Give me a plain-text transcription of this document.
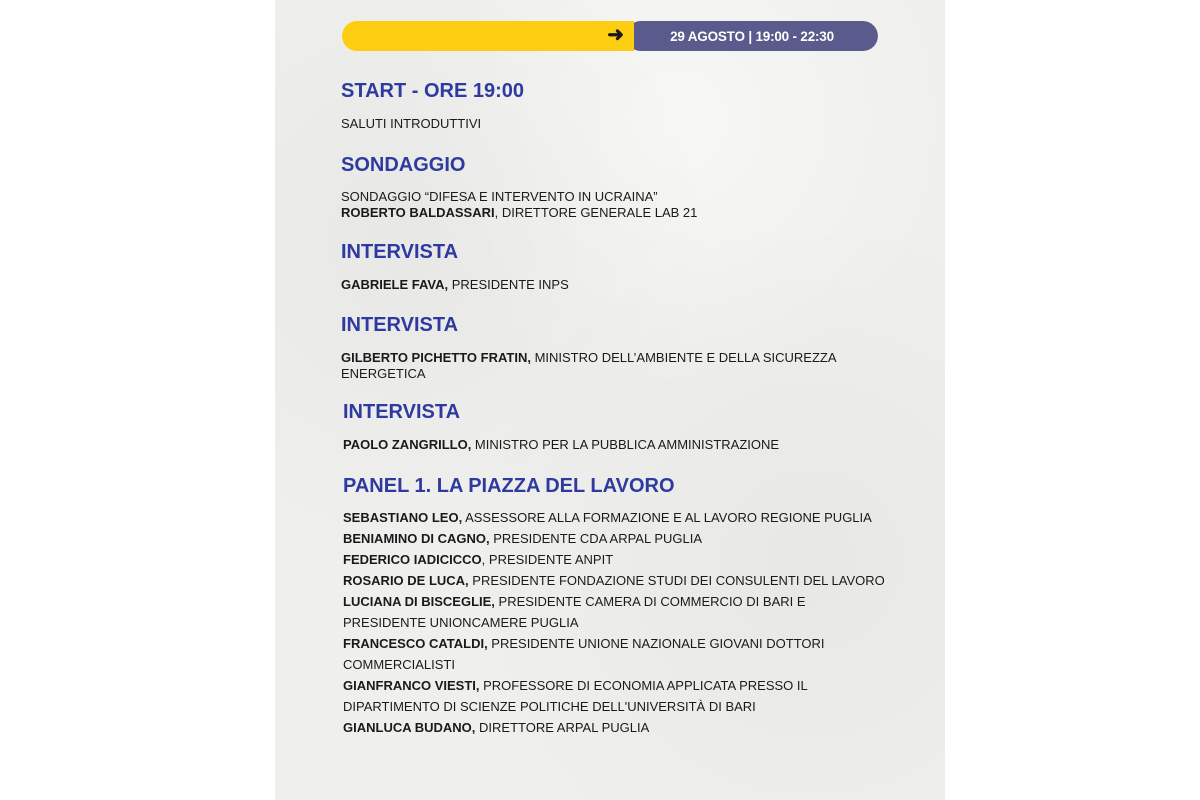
➜	29 AGOSTO | 19:00 - 22:30
START - ORE 19:00

SALUTI INTRODUTTIVI

SONDAGGIO

SONDAGGIO “DIFESA E INTERVENTO IN UCRAINA”

ROBERTO BALDASSARI, DIRETTORE GENERALE LAB 21

INTERVISTA

GABRIELE FAVA, PRESIDENTE INPS

INTERVISTA

GILBERTO PICHETTO FRATIN, MINISTRO DELL’AMBIENTE E DELLA SICUREZZA ENERGETICA

INTERVISTA

PAOLO ZANGRILLO, MINISTRO PER LA PUBBLICA AMMINISTRAZIONE

PANEL 1. LA PIAZZA DEL LAVORO

SEBASTIANO LEO, ASSESSORE ALLA FORMAZIONE E AL LAVORO REGIONE PUGLIA

BENIAMINO DI CAGNO, PRESIDENTE CDA ARPAL PUGLIA

FEDERICO IADICICCO, PRESIDENTE ANPIT

ROSARIO DE LUCA, PRESIDENTE FONDAZIONE STUDI DEI CONSULENTI DEL LAVORO

LUCIANA DI BISCEGLIE, PRESIDENTE CAMERA DI COMMERCIO DI BARI E PRESIDENTE UNIONCAMERE PUGLIA

FRANCESCO CATALDI, PRESIDENTE UNIONE NAZIONALE GIOVANI DOTTORI COMMERCIALISTI

GIANFRANCO VIESTI, PROFESSORE DI ECONOMIA APPLICATA PRESSO IL DIPARTIMENTO DI SCIENZE POLITICHE DELL'UNIVERSITÀ DI BARI

GIANLUCA BUDANO, DIRETTORE ARPAL PUGLIA
